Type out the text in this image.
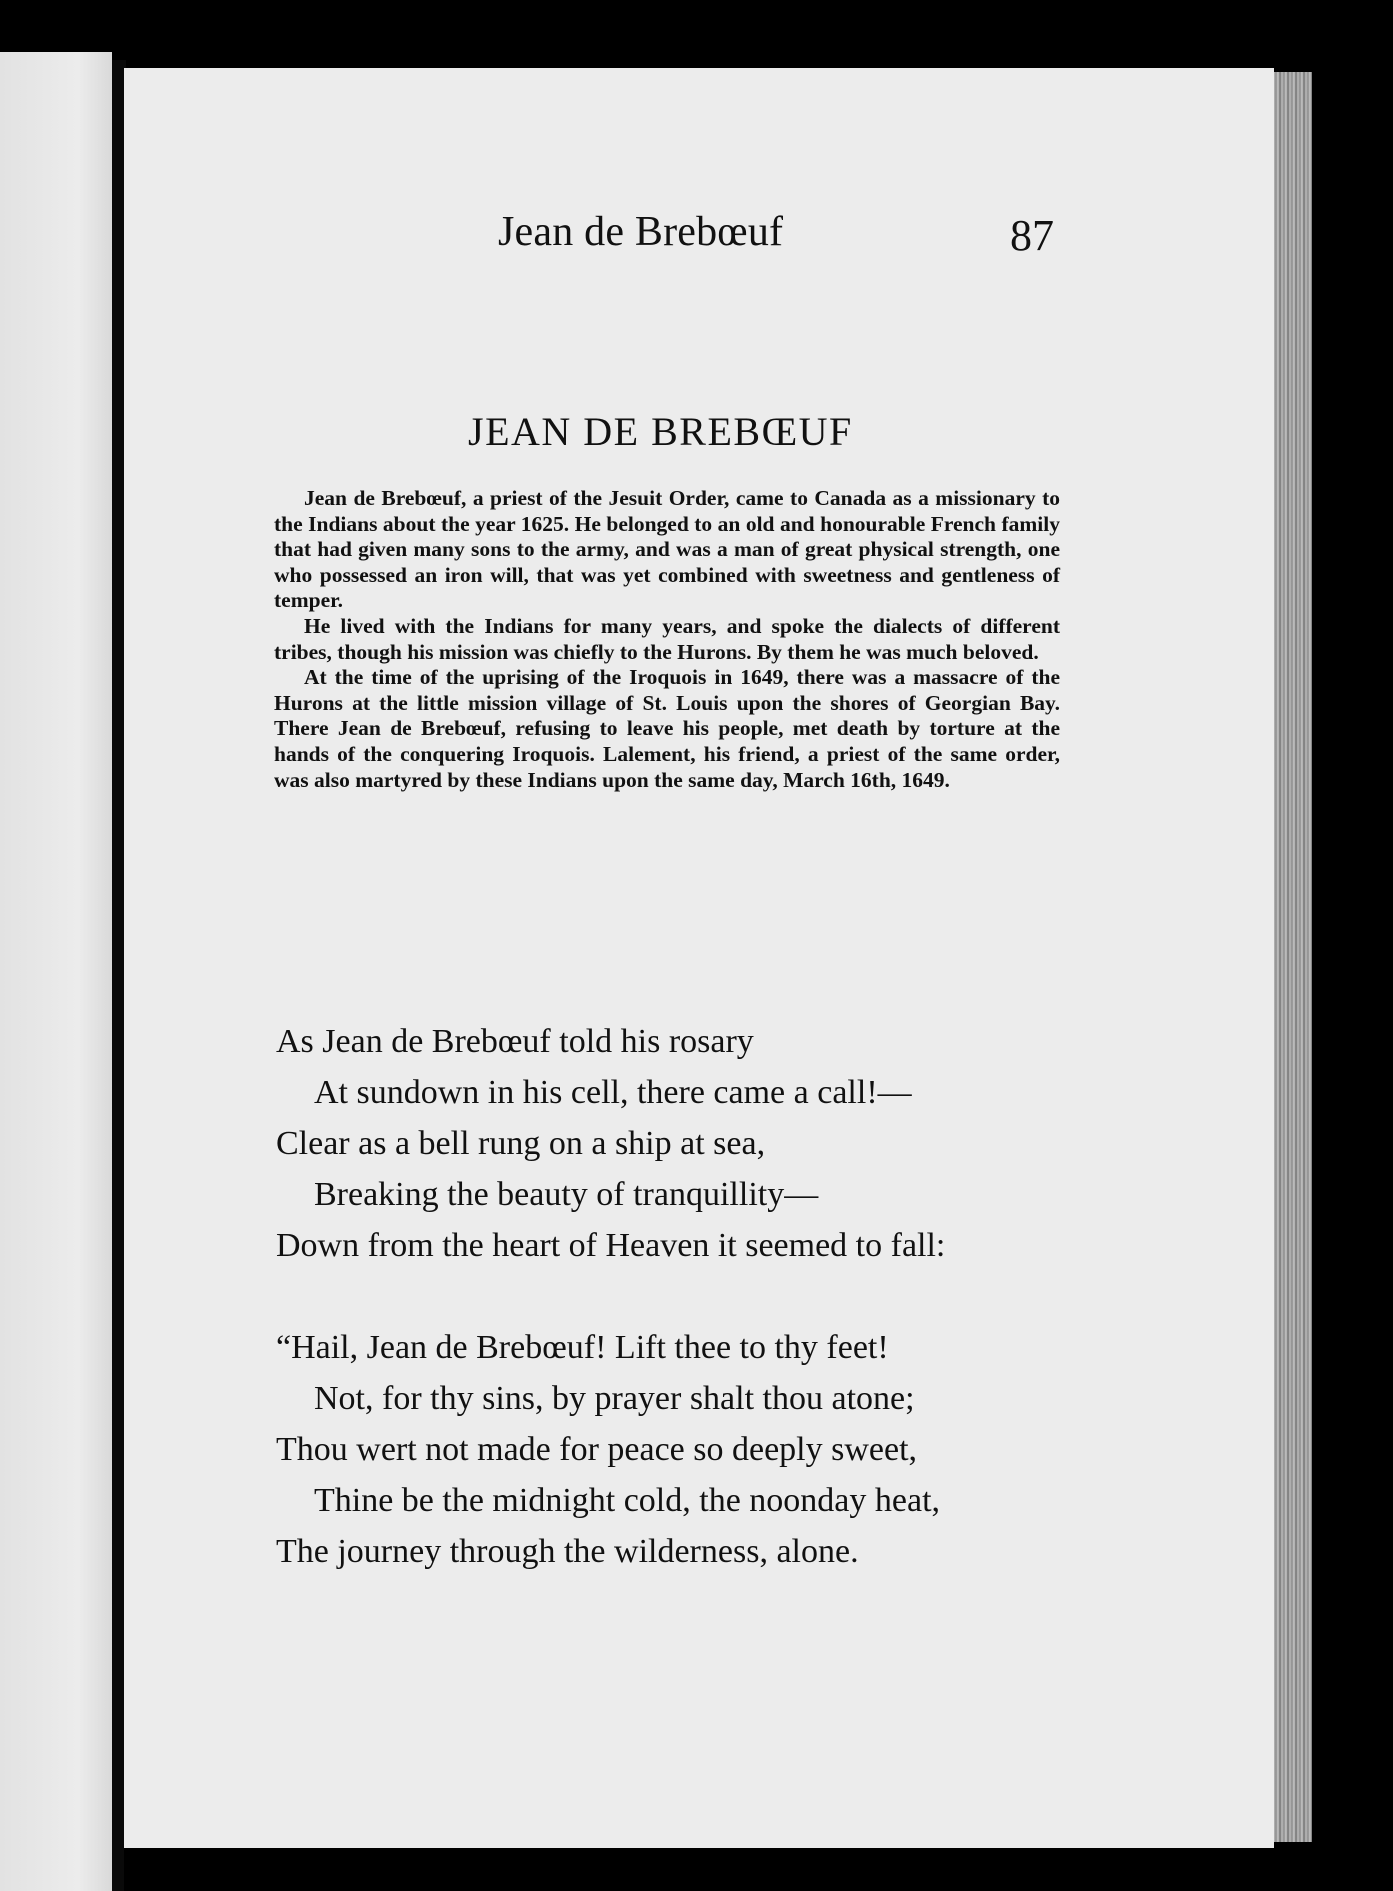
Jean de Brebœuf	87
JEAN DE BREBŒUF

Jean de Brebœuf, a priest of the Jesuit Order, came to Canada as a missionary to the Indians about the year 1625. He belonged to an old and honourable French family that had given many sons to the army, and was a man of great physical strength, one who possessed an iron will, that was yet combined with sweetness and gentleness of temper.

He lived with the Indians for many years, and spoke the dialects of different tribes, though his mission was chiefly to the Hurons. By them he was much beloved.

At the time of the uprising of the Iroquois in 1649, there was a massacre of the Hurons at the little mission village of St. Louis upon the shores of Georgian Bay. There Jean de Brebœuf, refusing to leave his people, met death by torture at the hands of the conquering Iroquois. Lalement, his friend, a priest of the same order, was also martyred by these Indians upon the same day, March 16th, 1649.

As Jean de Brebœuf told his rosary
At sundown in his cell, there came a call!—
Clear as a bell rung on a ship at sea,
Breaking the beauty of tranquillity—
Down from the heart of Heaven it seemed to fall:
“Hail, Jean de Brebœuf! Lift thee to thy feet!
Not, for thy sins, by prayer shalt thou atone;
Thou wert not made for peace so deeply sweet,
Thine be the midnight cold, the noonday heat,
The journey through the wilderness, alone.
